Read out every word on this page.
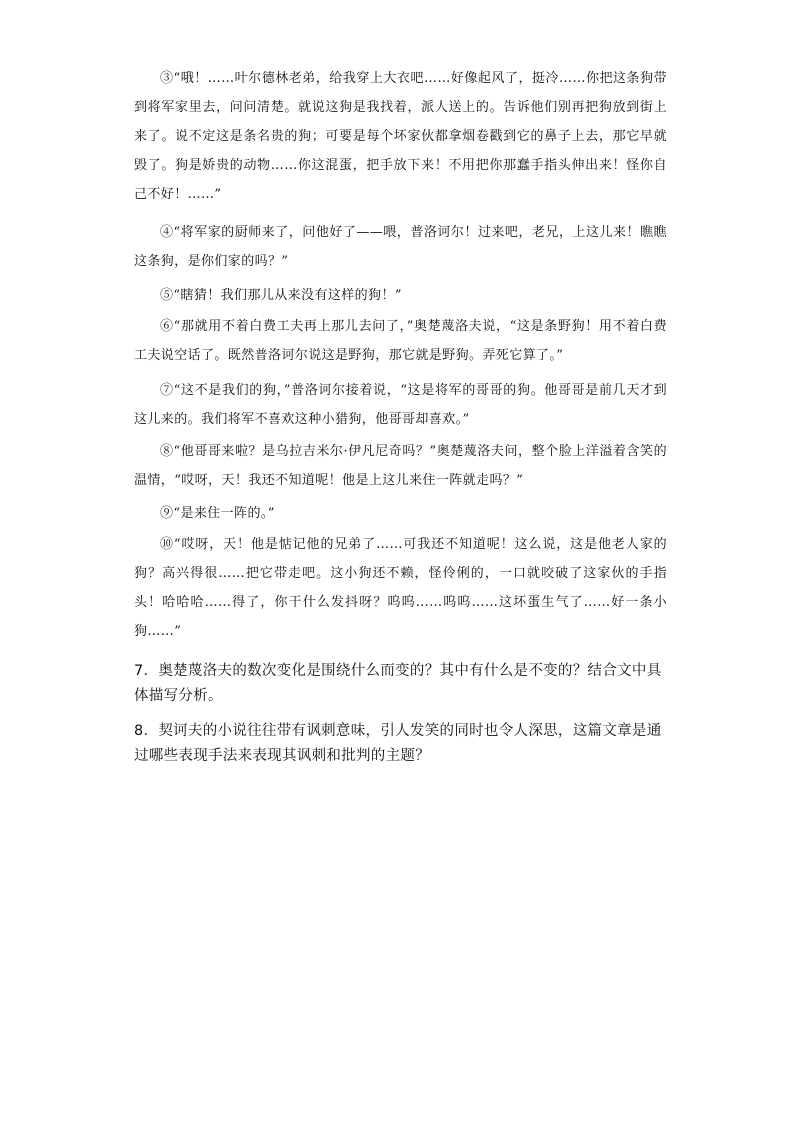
③“哦！……叶尔德林老弟，给我穿上大衣吧……好像起风了，挺冷……你把这条狗带到将军家里去，问问清楚。就说这狗是我找着，派人送上的。告诉他们别再把狗放到街上来了。说不定这是条名贵的狗；可要是每个坏家伙都拿烟卷戳到它的鼻子上去，那它早就毁了。狗是娇贵的动物……你这混蛋，把手放下来！不用把你那蠢手指头伸出来！怪你自己不好！……”

④“将军家的厨师来了，问他好了——喂，普洛诃尔！过来吧，老兄，上这儿来！瞧瞧这条狗，是你们家的吗？”

⑤“瞎猜！我们那儿从来没有这样的狗！”

⑥“那就用不着白费工夫再上那儿去问了，”奥楚蔑洛夫说，“这是条野狗！用不着白费工夫说空话了。既然普洛诃尔说这是野狗，那它就是野狗。弄死它算了。”

⑦“这不是我们的狗，”普洛诃尔接着说，“这是将军的哥哥的狗。他哥哥是前几天才到这儿来的。我们将军不喜欢这种小猎狗，他哥哥却喜欢。”

⑧“他哥哥来啦？是乌拉吉米尔·伊凡尼奇吗？”奥楚蔑洛夫问，整个脸上洋溢着含笑的温情，“哎呀，天！我还不知道呢！他是上这儿来住一阵就走吗？”

⑨“是来住一阵的。”

⑩“哎呀，天！他是惦记他的兄弟了……可我还不知道呢！这么说，这是他老人家的狗？高兴得很……把它带走吧。这小狗还不赖，怪伶俐的，一口就咬破了这家伙的手指头！哈哈哈……得了，你干什么发抖呀？呜呜……呜呜……这坏蛋生气了……好一条小狗……”

7．奥楚蔑洛夫的数次变化是围绕什么而变的？其中有什么是不变的？结合文中具体描写分析。

8．契诃夫的小说往往带有讽刺意味，引人发笑的同时也令人深思，这篇文章是通过哪些表现手法来表现其讽刺和批判的主题？
